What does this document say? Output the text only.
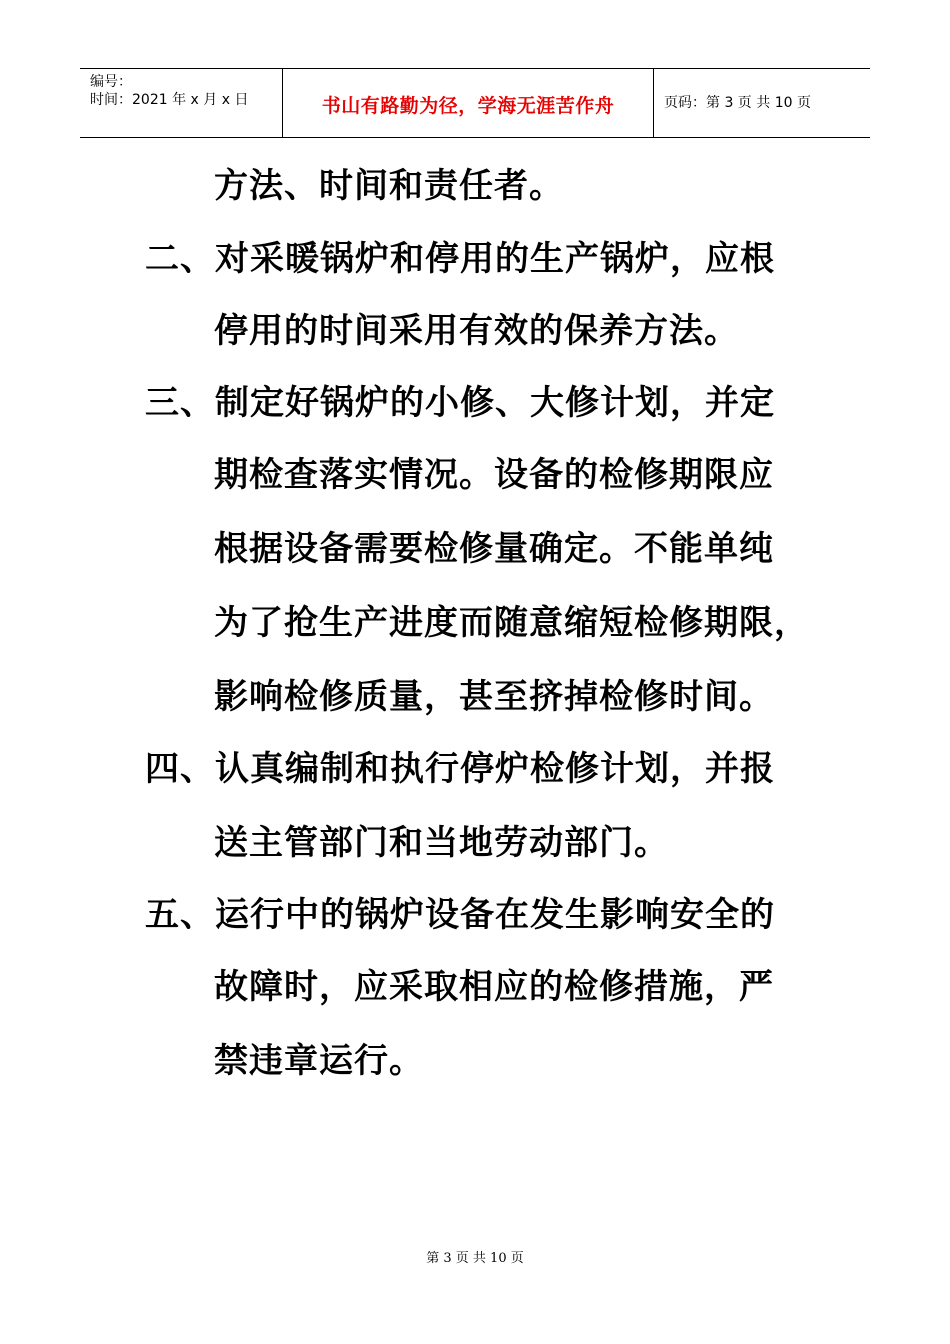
编号：
时间：2021 年 x 月 x 日	书山有路勤为径，学海无涯苦作舟	页码：第 3 页 共 10 页
方法、时间和责任者。
二、对采暖锅炉和停用的生产锅炉，应根
停用的时间采用有效的保养方法。
三、制定好锅炉的小修、大修计划，并定
期检查落实情况。设备的检修期限应
根据设备需要检修量确定。不能单纯
为了抢生产进度而随意缩短检修期限，
影响检修质量，甚至挤掉检修时间。
四、认真编制和执行停炉检修计划，并报
送主管部门和当地劳动部门。
五、运行中的锅炉设备在发生影响安全的
故障时，应采取相应的检修措施，严
禁违章运行。
第 3 页 共 10 页
